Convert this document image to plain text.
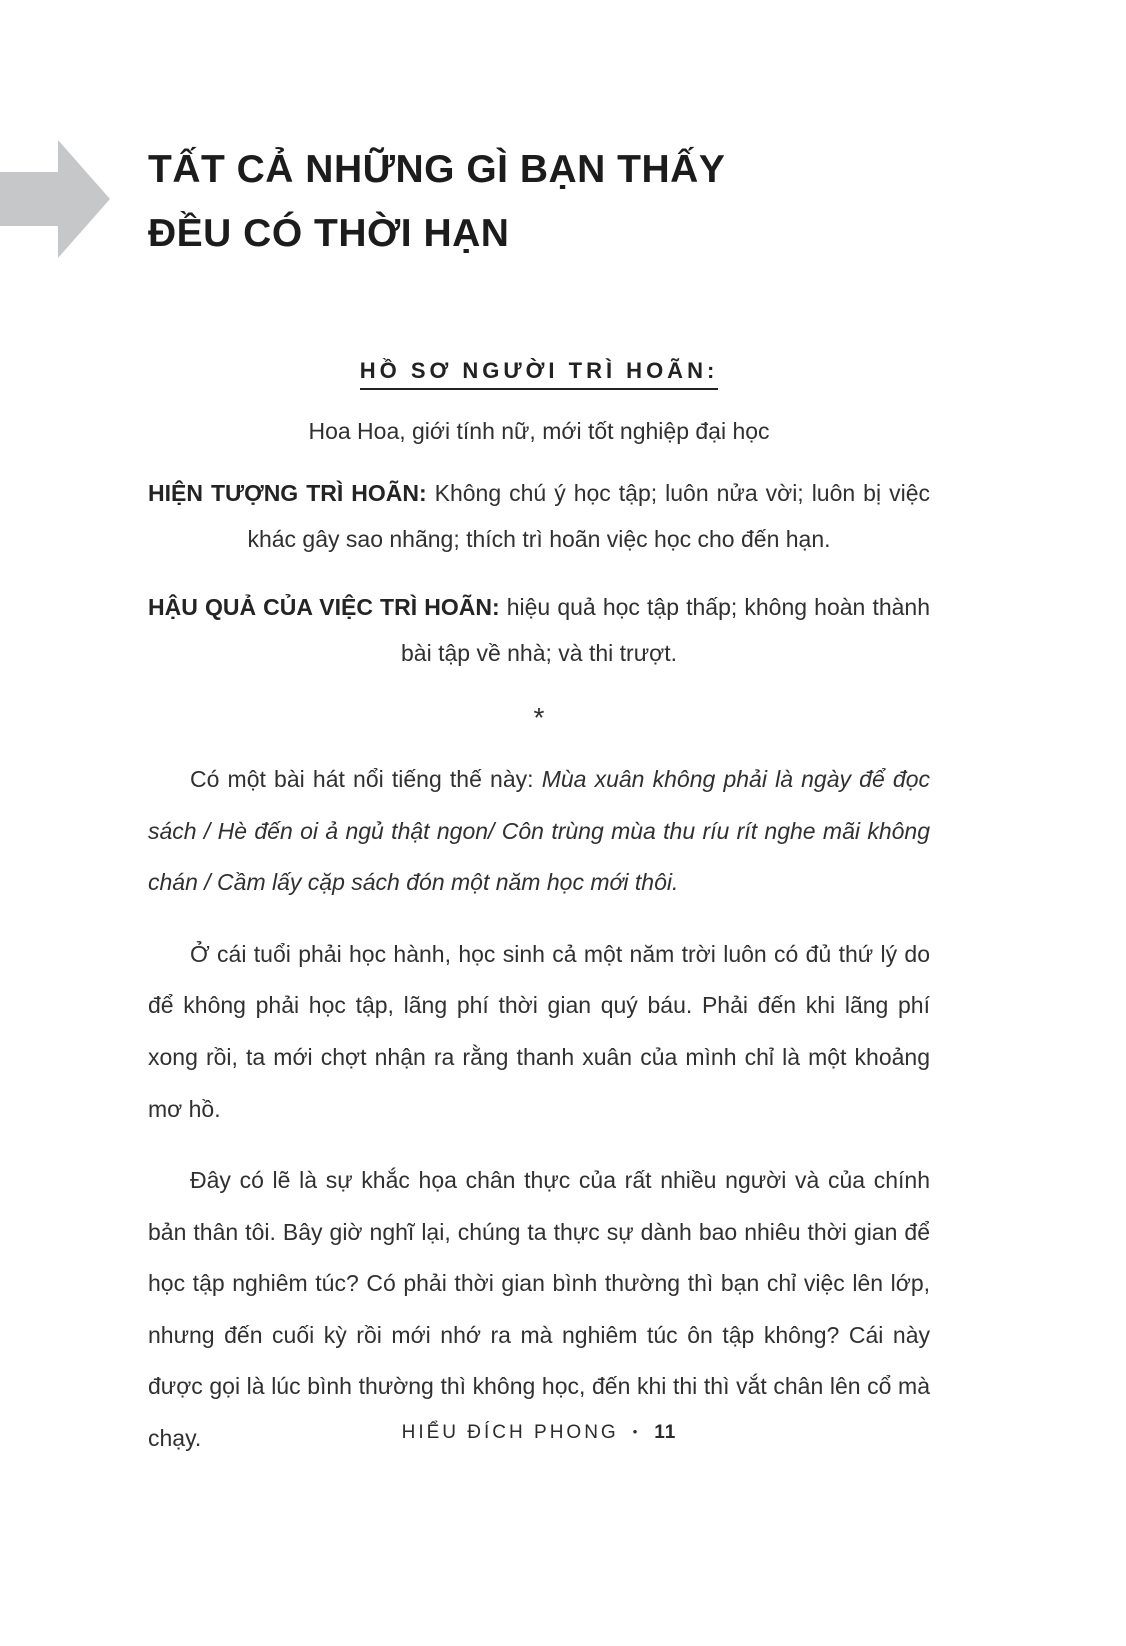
TẤT CẢ NHỮNG GÌ BẠN THẤY
ĐỀU CÓ THỜI HẠN
HỒ SƠ NGƯỜI TRÌ HOÃN:

Hoa Hoa, giới tính nữ, mới tốt nghiệp đại học

HIỆN TƯỢNG TRÌ HOÃN: Không chú ý học tập; luôn nửa vời; luôn bị việc khác gây sao nhãng; thích trì hoãn việc học cho đến hạn.

HẬU QUẢ CỦA VIỆC TRÌ HOÃN: hiệu quả học tập thấp; không hoàn thành bài tập về nhà; và thi trượt.

*

Có một bài hát nổi tiếng thế này: Mùa xuân không phải là ngày để đọc sách / Hè đến oi ả ngủ thật ngon/ Côn trùng mùa thu ríu rít nghe mãi không chán / Cầm lấy cặp sách đón một năm học mới thôi.

Ở cái tuổi phải học hành, học sinh cả một năm trời luôn có đủ thứ lý do để không phải học tập, lãng phí thời gian quý báu. Phải đến khi lãng phí xong rồi, ta mới chợt nhận ra rằng thanh xuân của mình chỉ là một khoảng mơ hồ.

Đây có lẽ là sự khắc họa chân thực của rất nhiều người và của chính bản thân tôi. Bây giờ nghĩ lại, chúng ta thực sự dành bao nhiêu thời gian để học tập nghiêm túc? Có phải thời gian bình thường thì bạn chỉ việc lên lớp, nhưng đến cuối kỳ rồi mới nhớ ra mà nghiêm túc ôn tập không? Cái này được gọi là lúc bình thường thì không học, đến khi thi thì vắt chân lên cổ mà chạy.	HIỂU ĐÍCH PHONG • 11
